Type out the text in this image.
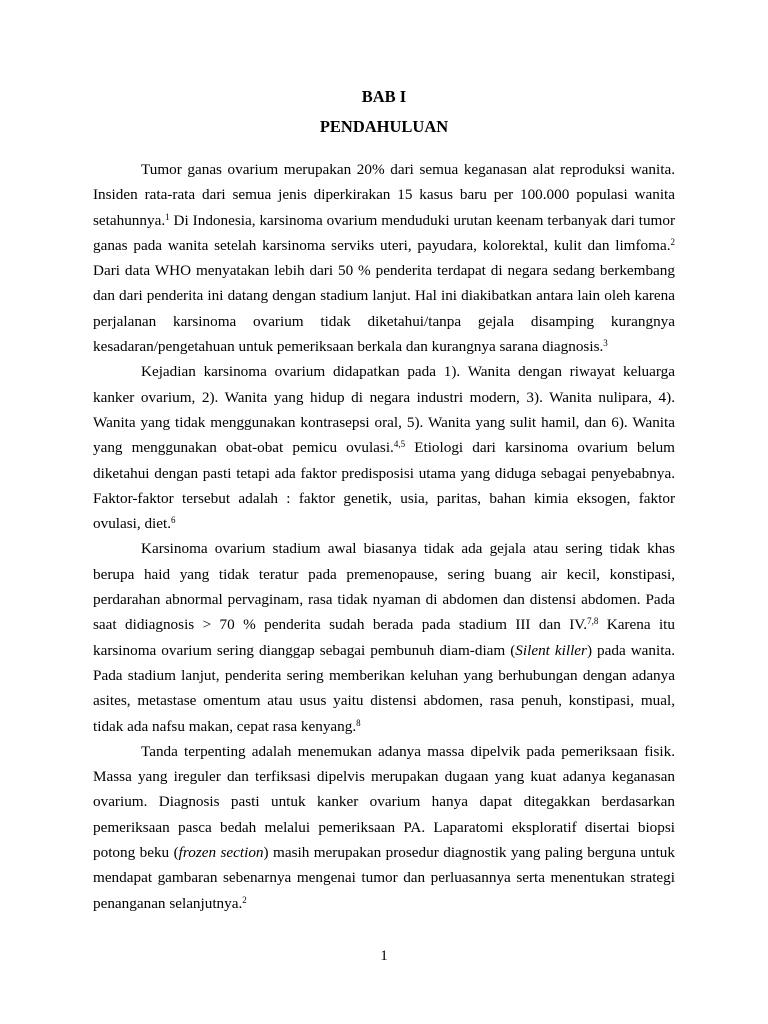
BAB I
PENDAHULUAN

Tumor ganas ovarium merupakan 20% dari semua keganasan alat reproduksi wanita. Insiden rata-rata dari semua jenis diperkirakan 15 kasus baru per 100.000 populasi wanita setahunnya.$^1$ Di Indonesia, karsinoma ovarium menduduki urutan keenam terbanyak dari tumor ganas pada wanita setelah karsinoma serviks uteri, payudara, kolorektal, kulit dan limfoma.$^2$ Dari data WHO menyatakan lebih dari 50 % penderita terdapat di negara sedang berkembang dan dari penderita ini datang dengan stadium lanjut. Hal ini diakibatkan antara lain oleh karena perjalanan karsinoma ovarium tidak diketahui/tanpa gejala disamping kurangnya kesadaran/pengetahuan untuk pemeriksaan berkala dan kurangnya sarana diagnosis.$^3$

Kejadian karsinoma ovarium didapatkan pada 1). Wanita dengan riwayat keluarga kanker ovarium, 2). Wanita yang hidup di negara industri modern, 3). Wanita nulipara, 4). Wanita yang tidak menggunakan kontrasepsi oral, 5). Wanita yang sulit hamil, dan 6). Wanita yang menggunakan obat-obat pemicu ovulasi.$^{4,5}$ Etiologi dari karsinoma ovarium belum diketahui dengan pasti tetapi ada faktor predisposisi utama yang diduga sebagai penyebabnya. Faktor-faktor tersebut adalah : faktor genetik, usia, paritas, bahan kimia eksogen, faktor ovulasi, diet.$^6$

Karsinoma ovarium stadium awal biasanya tidak ada gejala atau sering tidak khas berupa haid yang tidak teratur pada premenopause, sering buang air kecil, konstipasi, perdarahan abnormal pervaginam, rasa tidak nyaman di abdomen dan distensi abdomen. Pada saat didiagnosis > 70 % penderita sudah berada pada stadium III dan IV.$^{7,8}$ Karena itu karsinoma ovarium sering dianggap sebagai pembunuh diam-diam (Silent killer) pada wanita. Pada stadium lanjut, penderita sering memberikan keluhan yang berhubungan dengan adanya asites, metastase omentum atau usus yaitu distensi abdomen, rasa penuh, konstipasi, mual, tidak ada nafsu makan, cepat rasa kenyang.$^8$

Tanda terpenting adalah menemukan adanya massa dipelvik pada pemeriksaan fisik. Massa yang ireguler dan terfiksasi dipelvis merupakan dugaan yang kuat adanya keganasan ovarium. Diagnosis pasti untuk kanker ovarium hanya dapat ditegakkan berdasarkan pemeriksaan pasca bedah melalui pemeriksaan PA. Laparatomi eksploratif disertai biopsi potong beku (frozen section) masih merupakan prosedur diagnostik yang paling berguna untuk mendapat gambaran sebenarnya mengenai tumor dan perluasannya serta menentukan strategi penanganan selanjutnya.$^2$

1
